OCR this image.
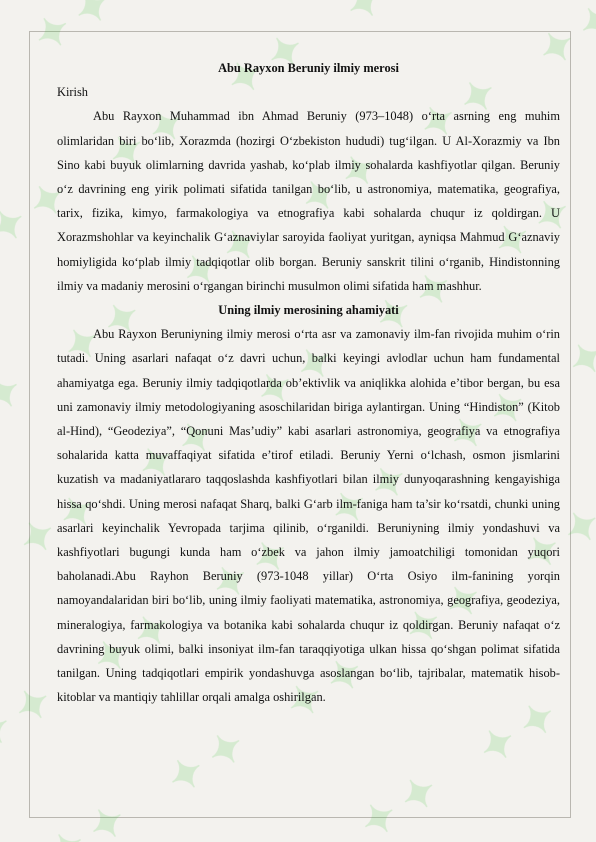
Abu Rayxon Beruniy ilmiy merosi

Kirish

Abu Rayxon Muhammad ibn Ahmad Beruniy (973–1048) o‘rta asrning eng muhim olimlaridan biri bo‘lib, Xorazmda (hozirgi O‘zbekiston hududi) tug‘ilgan. U Al-Xorazmiy va Ibn Sino kabi buyuk olimlarning davrida yashab, ko‘plab ilmiy sohalarda kashfiyotlar qilgan. Beruniy o‘z davrining eng yirik polimati sifatida tanilgan bo‘lib, u astronomiya, matematika, geografiya, tarix, fizika, kimyo, farmakologiya va etnografiya kabi sohalarda chuqur iz qoldirgan. U Xorazmshohlar va keyinchalik G‘aznaviylar saroyida faoliyat yuritgan, ayniqsa Mahmud G‘aznaviy homiyligida ko‘plab ilmiy tadqiqotlar olib borgan. Beruniy sanskrit tilini o‘rganib, Hindistonning ilmiy va madaniy merosini o‘rgangan birinchi musulmon olimi sifatida ham mashhur.

Uning ilmiy merosining ahamiyati

Abu Rayxon Beruniyning ilmiy merosi o‘rta asr va zamonaviy ilm-fan rivojida muhim o‘rin tutadi. Uning asarlari nafaqat o‘z davri uchun, balki keyingi avlodlar uchun ham fundamental ahamiyatga ega. Beruniy ilmiy tadqiqotlarda ob’ektivlik va aniqlikka alohida e’tibor bergan, bu esa uni zamonaviy ilmiy metodologiyaning asoschilaridan biriga aylantirgan. Uning “Hindiston” (Kitob al-Hind), “Geodeziya”, “Qonuni Mas’udiy” kabi asarlari astronomiya, geografiya va etnografiya sohalarida katta muvaffaqiyat sifatida e’tirof etiladi. Beruniy Yerni o‘lchash, osmon jismlarini kuzatish va madaniyatlararo taqqoslashda kashfiyotlari bilan ilmiy dunyoqarashning kengayishiga hissa qo‘shdi. Uning merosi nafaqat Sharq, balki G‘arb ilm-faniga ham ta’sir ko‘rsatdi, chunki uning asarlari keyinchalik Yevropada tarjima qilinib, o‘rganildi. Beruniyning ilmiy yondashuvi va kashfiyotlari bugungi kunda ham o‘zbek va jahon ilmiy jamoatchiligi tomonidan yuqori baholanadi.Abu Rayhon Beruniy (973-1048 yillar) O‘rta Osiyo ilm-fanining yorqin namoyandalaridan biri bo‘lib, uning ilmiy faoliyati matematika, astronomiya, geografiya, geodeziya, mineralogiya, farmakologiya va botanika kabi sohalarda chuqur iz qoldirgan. Beruniy nafaqat o‘z davrining buyuk olimi, balki insoniyat ilm-fan taraqqiyotiga ulkan hissa qo‘shgan polimat sifatida tanilgan. Uning tadqiqotlari empirik yondashuvga asoslangan bo‘lib, tajribalar, matematik hisob-kitoblar va mantiqiy tahlillar orqali amalga oshirilgan.
